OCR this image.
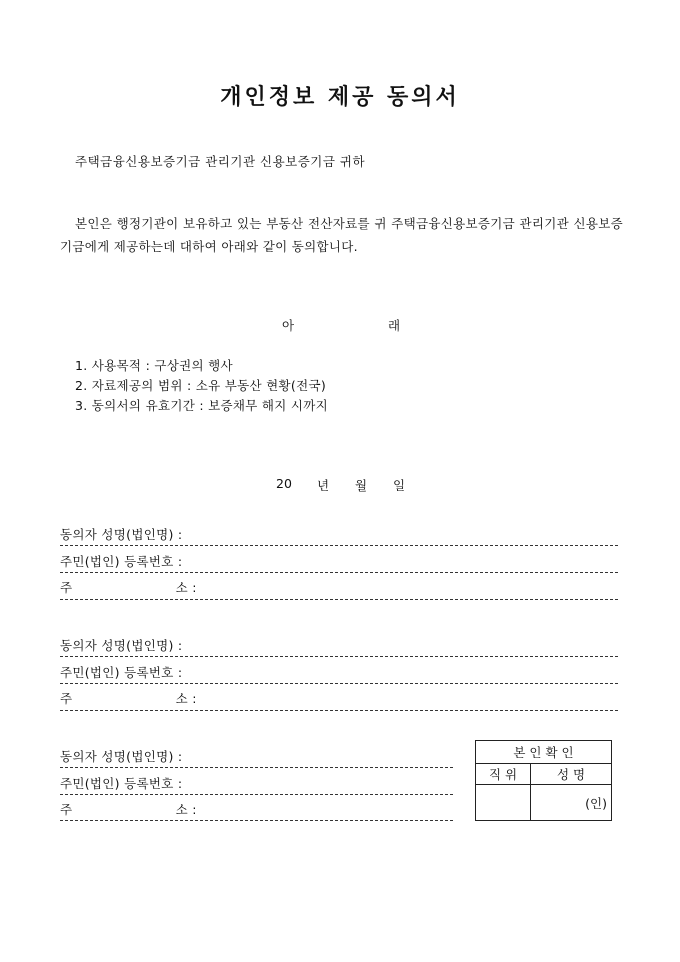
개인정보 제공 동의서
주택금융신용보증기금 관리기관 신용보증기금 귀하
본인은 행정기관이 보유하고 있는 부동산 전산자료를 귀 주택금융신용보증기금 관리기관 신용보증기금에게 제공하는데 대하여 아래와 같이 동의합니다.
아	래
1. 사용목적 : 구상권의 행사
2. 자료제공의 범위 : 소유 부동산 현황(전국)
3. 동의서의 유효기간 : 보증채무 해지 시까지
20 년 월 일
동의자 성명(법인명) :
주민(법인) 등록번호 :
주	소 :
동의자 성명(법인명) :
주민(법인) 등록번호 :
주	소 :
동의자 성명(법인명) :
주민(법인) 등록번호 :
주	소 :
본 인 확 인	
직 위	성 명
	(인)
